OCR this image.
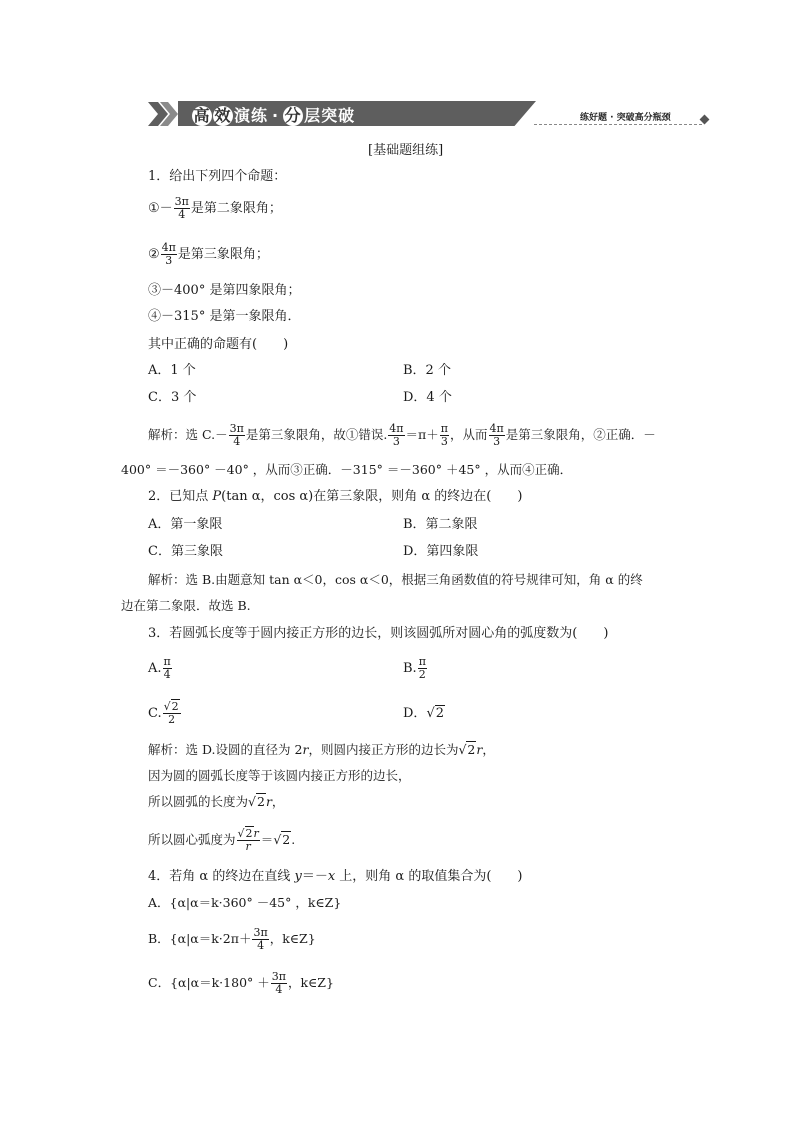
高 效 演练 · 分 层突破	练好题 · 突破高分瓶颈
[基础题组练]
1．给出下列四个命题：
①－ $\frac{3\pi}{4}$ 是第二象限角；
② $\frac{4\pi}{3}$ 是第三象限角；
③－400° 是第四象限角；
④－315° 是第一象限角．
其中正确的命题有(　　)
A．1 个	B．2 个
C．3 个	D．4 个
解析：选 $C.- \frac{3\pi}{4}$ 是第三象限角，故①错误. $\frac{4\pi}{3} =\pi+ \frac{\pi}{3}$ ，从而 $\frac{4\pi}{3}$ 是第三象限角，②正确．－
400° ＝－360° －40° ，从而③正确．－315° ＝－360° ＋45° ，从而④正确．
2．已知点 P(tan α，cos α)在第三象限，则角 α 的终边在(　　)
A．第一象限	B．第二象限
C．第三象限	D．第四象限
解析：选 B.由题意知 tan α＜0，cos α＜0，根据三角函数值的符号规律可知，角 α 的终
边在第二象限．故选 B.
3．若圆弧长度等于圆内接正方形的边长，则该圆弧所对圆心角的弧度数为(　　)
A. $\frac{\pi}{4}$	B. $\frac{\pi}{2}$
C. $\frac{√2}{2}$	D．√2
解析：选 D.设圆的直径为 2r，则圆内接正方形的边长为√2r，
因为圆的圆弧长度等于该圆内接正方形的边长，
所以圆弧的长度为√2r，
所以圆心弧度为 $\frac{√2r}{r} =√2$.
4．若角 α 的终边在直线 y＝－x 上，则角 α 的取值集合为(　　)
A．{α|α＝k·360° －45° ，k∈Z}
B．{$\alpha|\alpha=k\cdot 2\pi+ \frac{3\pi}{4}$ ，k∈Z}
C．{$\alpha|\alpha=k\cdot 180^\circ + \frac{3\pi}{4}$ ，k∈Z}
